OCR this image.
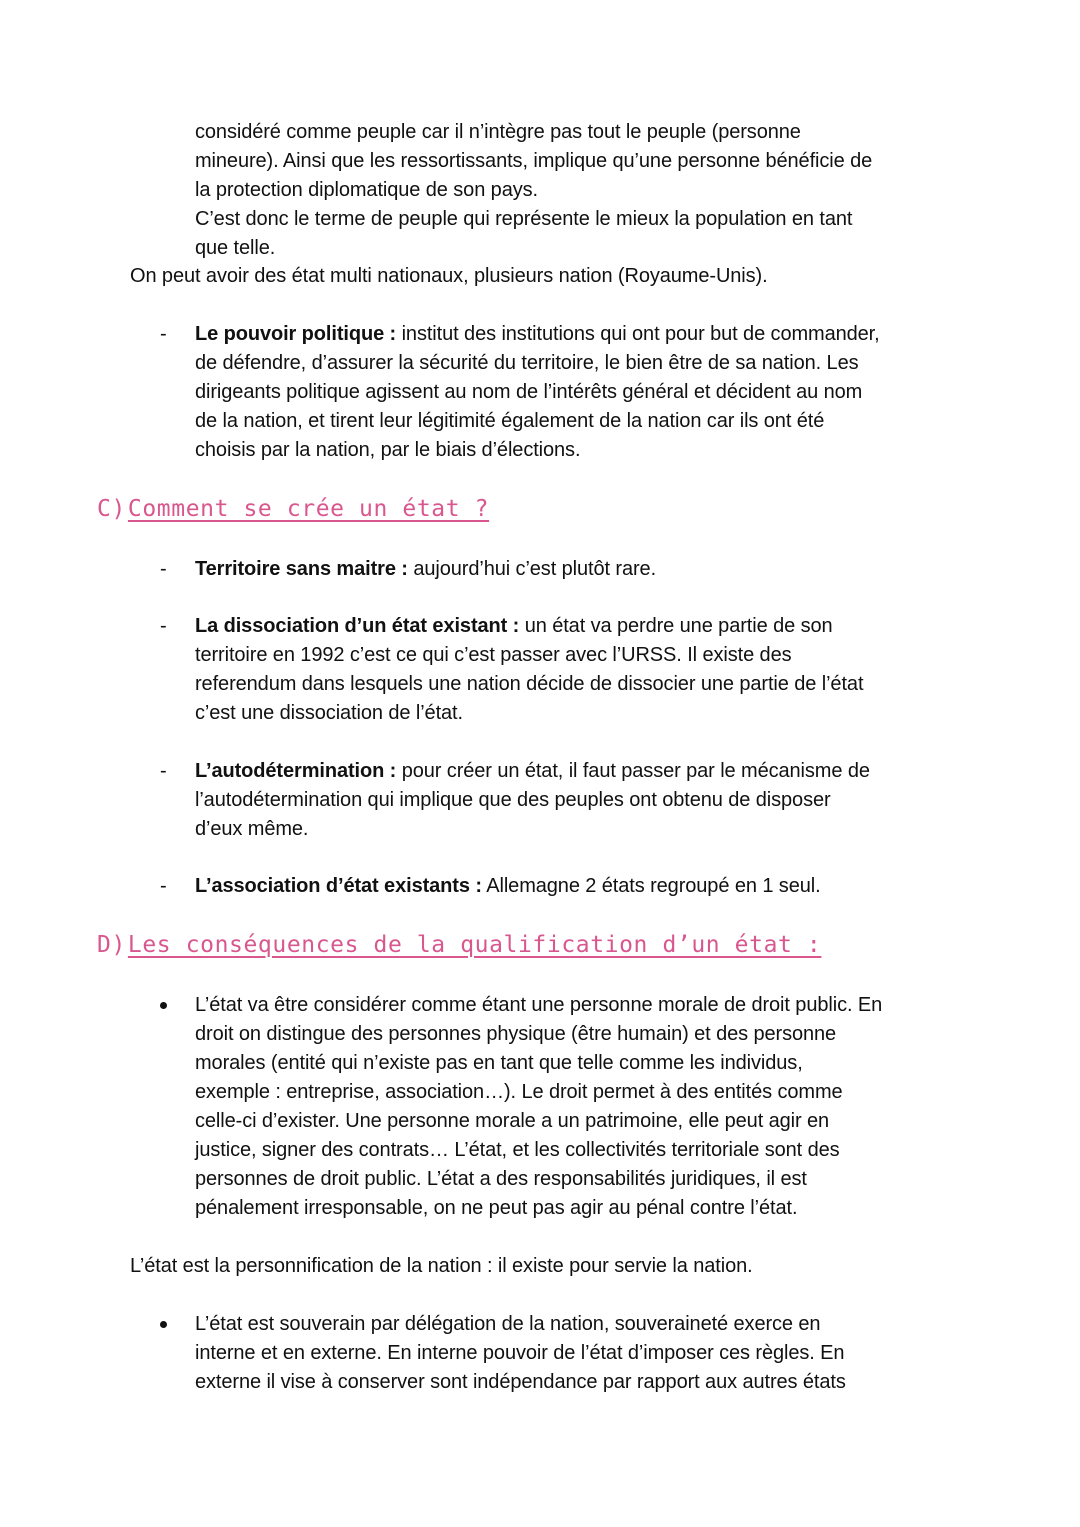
considéré comme peuple car il n’intègre pas tout le peuple (personne
mineure). Ainsi que les ressortissants, implique qu’une personne bénéficie de
la protection diplomatique de son pays.
C’est donc le terme de peuple qui représente le mieux la population en tant
que telle.
On peut avoir des état multi nationaux, plusieurs nation (Royaume-Unis).
- Le pouvoir politique : institut des institutions qui ont pour but de commander,
de défendre, d’assurer la sécurité du territoire, le bien être de sa nation. Les
dirigeants politique agissent au nom de l’intérêts général et décident au nom
de la nation, et tirent leur légitimité également de la nation car ils ont été
choisis par la nation, par le biais d’élections.
C)Comment se crée un état ?
- Territoire sans maitre : aujourd’hui c’est plutôt rare.
- La dissociation d’un état existant : un état va perdre une partie de son
territoire en 1992 c’est ce qui c’est passer avec l’URSS. Il existe des
referendum dans lesquels une nation décide de dissocier une partie de l’état
c’est une dissociation de l’état.
- L’autodétermination : pour créer un état, il faut passer par le mécanisme de
l’autodétermination qui implique que des peuples ont obtenu de disposer
d’eux même.
- L’association d’état existants : Allemagne 2 états regroupé en 1 seul.
D)Les conséquences de la qualification d’un état :
L’état va être considérer comme étant une personne morale de droit public. En
droit on distingue des personnes physique (être humain) et des personne
morales (entité qui n’existe pas en tant que telle comme les individus,
exemple : entreprise, association…). Le droit permet à des entités comme
celle-ci d’exister. Une personne morale a un patrimoine, elle peut agir en
justice, signer des contrats… L’état, et les collectivités territoriale sont des
personnes de droit public. L’état a des responsabilités juridiques, il est
pénalement irresponsable, on ne peut pas agir au pénal contre l’état.
L’état est la personnification de la nation : il existe pour servie la nation.
L’état est souverain par délégation de la nation, souveraineté exerce en
interne et en externe. En interne pouvoir de l’état d’imposer ces règles. En
externe il vise à conserver sont indépendance par rapport aux autres états
